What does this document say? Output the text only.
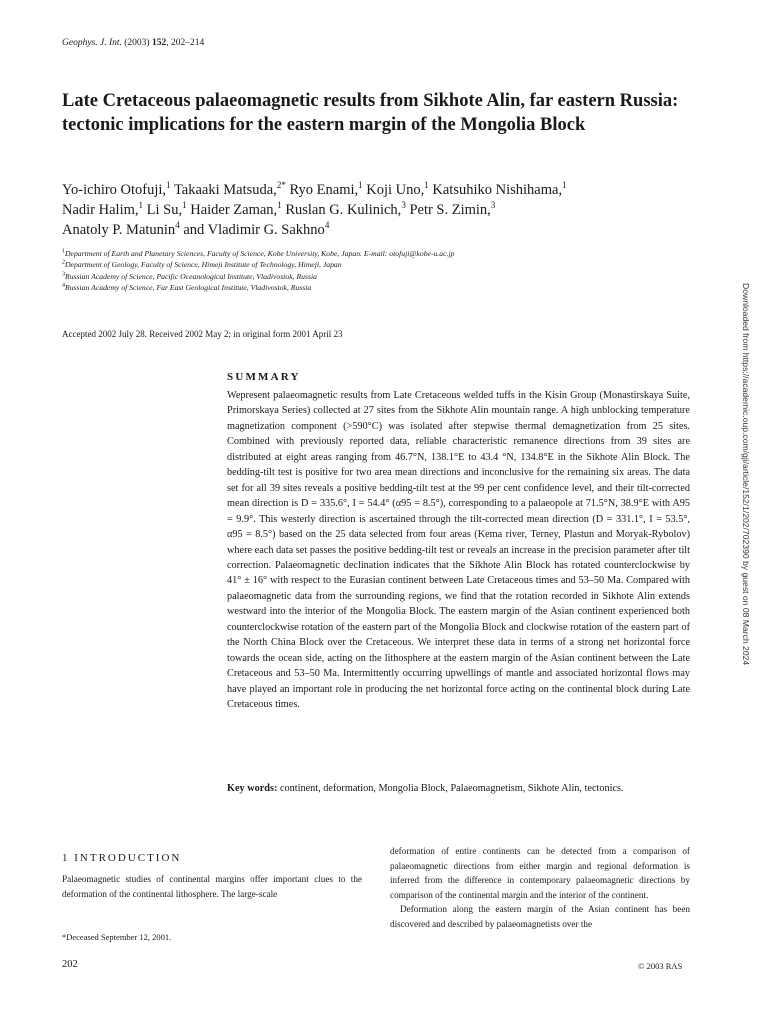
Geophys. J. Int. (2003) 152, 202–214
Late Cretaceous palaeomagnetic results from Sikhote Alin, far eastern Russia: tectonic implications for the eastern margin of the Mongolia Block
Yo-ichiro Otofuji,$^1$ Takaaki Matsuda,$^{2*}$ Ryo Enami,$^1$ Koji Uno,$^1$ Katsuhiko Nishihama,$^1$
Nadir Halim,$^1$ Li Su,$^1$ Haider Zaman,$^1$ Ruslan G. Kulinich,$^3$ Petr S. Zimin,$^3$
Anatoly P. Matunin$^4$ and Vladimir G. Sakhno$^4$
$^1$Department of Earth and Planetary Sciences, Faculty of Science, Kobe University, Kobe, Japan. E-mail: otofuji@kobe-u.ac.jp
$^2$Department of Geology, Faculty of Science, Himeji Institute of Technology, Himeji, Japan
$^3$Russian Academy of Science, Pacific Oceanological Institute, Vladivostok, Russia
$^4$Russian Academy of Science, Far East Geological Institute, Vladivostok, Russia
Accepted 2002 July 28. Received 2002 May 2; in original form 2001 April 23
SUMMARY
Wepresent palaeomagnetic results from Late Cretaceous welded tuffs in the Kisin Group (Monastirskaya Suite, Primorskaya Series) collected at 27 sites from the Sikhote Alin mountain range. A high unblocking temperature magnetization component (>590°C) was isolated after stepwise thermal demagnetization from 25 sites. Combined with previously reported data, reliable characteristic remanence directions from 39 sites are distributed at eight areas ranging from 46.7°N, 138.1°E to 43.4 °N, 134.8°E in the Sikhote Alin Block. The bedding-tilt test is positive for two area mean directions and inconclusive for the remaining six areas. The data set for all 39 sites reveals a positive bedding-tilt test at the 99 per cent confidence level, and their tilt-corrected mean direction is D = 335.6°, I = 54.4° (α95 = 8.5°), corresponding to a palaeopole at 71.5°N, 38.9°E with A95 = 9.9°. This westerly direction is ascertained through the tilt-corrected mean direction (D = 331.1°, I = 53.5°, α95 = 8.5°) based on the 25 data selected from four areas (Kema river, Terney, Plastun and Moryak-Rybolov) where each data set passes the positive bedding-tilt test or reveals an increase in the precision parameter after tilt correction. Palaeomagnetic declination indicates that the Sikhote Alin Block has rotated counterclockwise by 41° ± 16° with respect to the Eurasian continent between Late Cretaceous times and 53–50 Ma. Compared with palaeomagnetic data from the surrounding regions, we find that the rotation recorded in Sikhote Alin extends westward into the interior of the Mongolia Block. The eastern margin of the Asian continent experienced both counterclockwise rotation of the eastern part of the Mongolia Block and clockwise rotation of the eastern part of the North China Block over the Cretaceous. We interpret these data in terms of a strong net horizontal force towards the ocean side, acting on the lithosphere at the eastern margin of the Asian continent between the Late Cretaceous and 53–50 Ma. Intermittently occurring upwellings of mantle and associated horizontal flows may have played an important role in producing the net horizontal force acting on the continental block during Late Cretaceous times.
Key words: continent, deformation, Mongolia Block, Palaeomagnetism, Sikhote Alin, tectonics.
1 INTRODUCTION
Palaeomagnetic studies of continental margins offer important clues to the deformation of the continental lithosphere. The large-scale
*Deceased September 12, 2001.

deformation of entire continents can be detected from a comparison of palaeomagnetic directions from either margin and regional deformation is inferred from the difference in contemporary palaeomagnetic directions by comparison of the continental margin and the interior of the continent.

Deformation along the eastern margin of the Asian continent has been discovered and described by palaeomagnetists over the

202	© 2003 RAS
Downloaded from https://academic.oup.com/gji/article/152/1/202/702390 by guest on 08 March 2024
